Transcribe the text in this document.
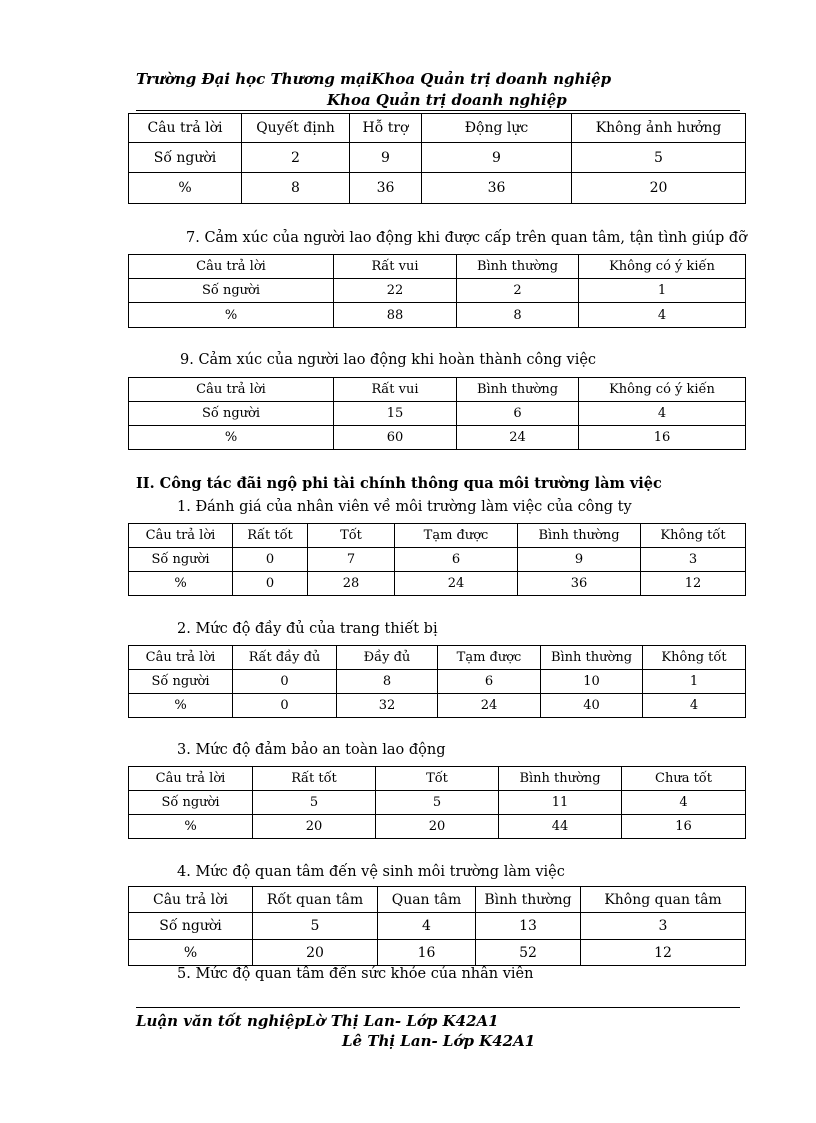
Trường Đại học Thương mạiKhoa Quản trị doanh nghiệp
Khoa Quản trị doanh nghiệp
Câu trả lời	Quyết định	Hỗ trợ	Động lực	Không ảnh hưởng
Số người	2	9	9	5
%	8	36	36	20
7. Cảm xúc của người lao động khi được cấp trên quan tâm, tận tình giúp đỡ
Câu trả lời	Rất vui	Bình thường	Không có ý kiến
Số người	22	2	1
%	88	8	4
9. Cảm xúc của người lao động khi hoàn thành công việc
Câu trả lời	Rất vui	Bình thường	Không có ý kiến
Số người	15	6	4
%	60	24	16
II. Công tác đãi ngộ phi tài chính thông qua môi trường làm việc
1. Đánh giá của nhân viên về môi trường làm việc của công ty
Câu trả lời	Rất tốt	Tốt	Tạm được	Bình thường	Không tốt
Số người	0	7	6	9	3
%	0	28	24	36	12
2. Mức độ đầy đủ của trang thiết bị
Câu trả lời	Rất đầy đủ	Đầy đủ	Tạm được	Bình thường	Không tốt
Số người	0	8	6	10	1
%	0	32	24	40	4
3. Mức độ đảm bảo an toàn lao động
Câu trả lời	Rất tốt	Tốt	Bình thường	Chưa tốt
Số người	5	5	11	4
%	20	20	44	16
4. Mức độ quan tâm đến vệ sinh môi trường làm việc
Câu trả lời	Rốt quan tâm	Quan tâm	Bình thường	Không quan tâm
Số người	5	4	13	3
%	20	16	52	12
5. Mức độ quan tâm đến sức khỏe của nhân viên
Luận văn tốt nghiệpLờ Thị Lan- Lớp K42A1
Lê Thị Lan- Lớp K42A1
